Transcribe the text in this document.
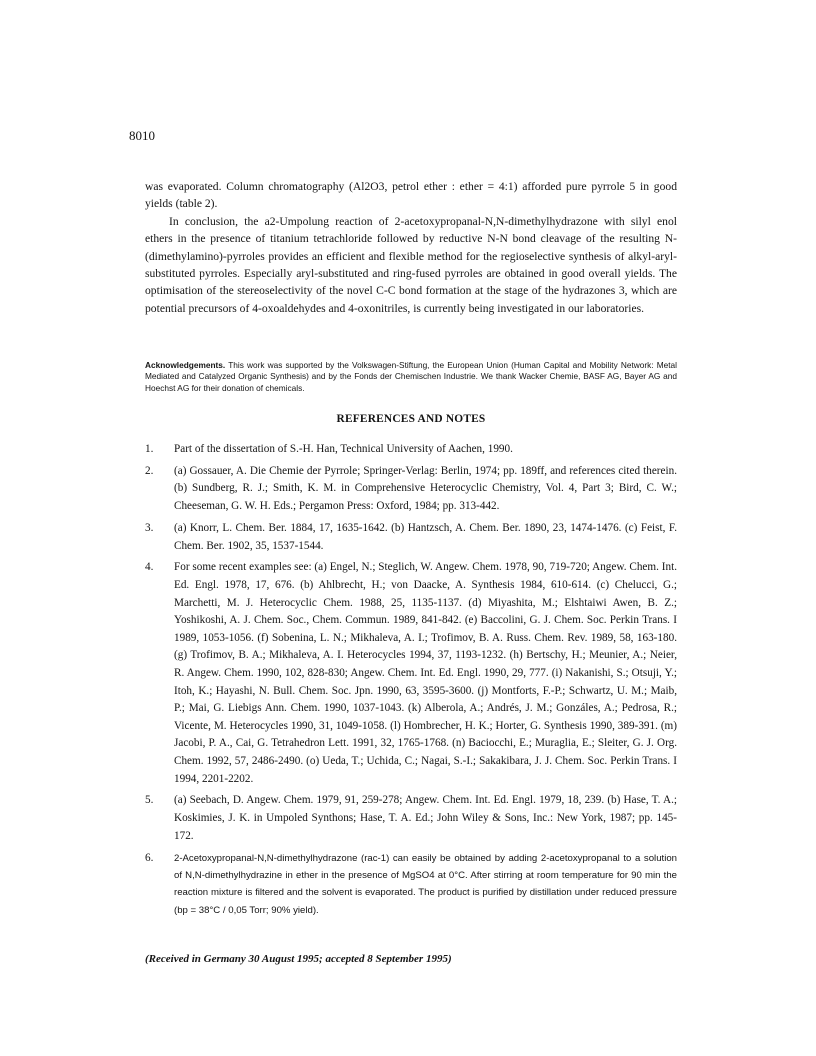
8010

was evaporated. Column chromatography (Al2O3, petrol ether : ether = 4:1) afforded pure pyrrole 5 in good yields (table 2).

In conclusion, the a2-Umpolung reaction of 2-acetoxypropanal-N,N-dimethylhydrazone with silyl enol ethers in the presence of titanium tetrachloride followed by reductive N-N bond cleavage of the resulting N-(dimethylamino)-pyrroles provides an efficient and flexible method for the regioselective synthesis of alkyl-aryl-substituted pyrroles. Especially aryl-substituted and ring-fused pyrroles are obtained in good overall yields. The optimisation of the stereoselectivity of the novel C-C bond formation at the stage of the hydrazones 3, which are potential precursors of 4-oxoaldehydes and 4-oxonitriles, is currently being investigated in our laboratories.

Acknowledgements. This work was supported by the Volkswagen-Stiftung, the European Union (Human Capital and Mobility Network: Metal Mediated and Catalyzed Organic Synthesis) and by the Fonds der Chemischen Industrie. We thank Wacker Chemie, BASF AG, Bayer AG and Hoechst AG for their donation of chemicals.
REFERENCES AND NOTES
1. Part of the dissertation of S.-H. Han, Technical University of Aachen, 1990.
2. (a) Gossauer, A. Die Chemie der Pyrrole; Springer-Verlag: Berlin, 1974; pp. 189ff, and references cited therein. (b) Sundberg, R. J.; Smith, K. M. in Comprehensive Heterocyclic Chemistry, Vol. 4, Part 3; Bird, C. W.; Cheeseman, G. W. H. Eds.; Pergamon Press: Oxford, 1984; pp. 313-442.
3. (a) Knorr, L. Chem. Ber. 1884, 17, 1635-1642. (b) Hantzsch, A. Chem. Ber. 1890, 23, 1474-1476. (c) Feist, F. Chem. Ber. 1902, 35, 1537-1544.
4. For some recent examples see: (a) Engel, N.; Steglich, W. Angew. Chem. 1978, 90, 719-720; Angew. Chem. Int. Ed. Engl. 1978, 17, 676. (b) Ahlbrecht, H.; von Daacke, A. Synthesis 1984, 610-614. (c) Chelucci, G.; Marchetti, M. J. Heterocyclic Chem. 1988, 25, 1135-1137. (d) Miyashita, M.; Elshtaiwi Awen, B. Z.; Yoshikoshi, A. J. Chem. Soc., Chem. Commun. 1989, 841-842. (e) Baccolini, G. J. Chem. Soc. Perkin Trans. I 1989, 1053-1056. (f) Sobenina, L. N.; Mikhaleva, A. I.; Trofimov, B. A. Russ. Chem. Rev. 1989, 58, 163-180. (g) Trofimov, B. A.; Mikhaleva, A. I. Heterocycles 1994, 37, 1193-1232. (h) Bertschy, H.; Meunier, A.; Neier, R. Angew. Chem. 1990, 102, 828-830; Angew. Chem. Int. Ed. Engl. 1990, 29, 777. (i) Nakanishi, S.; Otsuji, Y.; Itoh, K.; Hayashi, N. Bull. Chem. Soc. Jpn. 1990, 63, 3595-3600. (j) Montforts, F.-P.; Schwartz, U. M.; Maib, P.; Mai, G. Liebigs Ann. Chem. 1990, 1037-1043. (k) Alberola, A.; Andrés, J. M.; Gonzáles, A.; Pedrosa, R.; Vicente, M. Heterocycles 1990, 31, 1049-1058. (l) Hombrecher, H. K.; Horter, G. Synthesis 1990, 389-391. (m) Jacobi, P. A., Cai, G. Tetrahedron Lett. 1991, 32, 1765-1768. (n) Baciocchi, E.; Muraglia, E.; Sleiter, G. J. Org. Chem. 1992, 57, 2486-2490. (o) Ueda, T.; Uchida, C.; Nagai, S.-I.; Sakakibara, J. J. Chem. Soc. Perkin Trans. I 1994, 2201-2202.
5. (a) Seebach, D. Angew. Chem. 1979, 91, 259-278; Angew. Chem. Int. Ed. Engl. 1979, 18, 239. (b) Hase, T. A.; Koskimies, J. K. in Umpoled Synthons; Hase, T. A. Ed.; John Wiley & Sons, Inc.: New York, 1987; pp. 145-172.
6. 2-Acetoxypropanal-N,N-dimethylhydrazone (rac-1) can easily be obtained by adding 2-acetoxypropanal to a solution of N,N-dimethylhydrazine in ether in the presence of MgSO4 at 0°C. After stirring at room temperature for 90 min the reaction mixture is filtered and the solvent is evaporated. The product is purified by distillation under reduced pressure (bp = 38°C / 0,05 Torr; 90% yield).
(Received in Germany 30 August 1995; accepted 8 September 1995)
